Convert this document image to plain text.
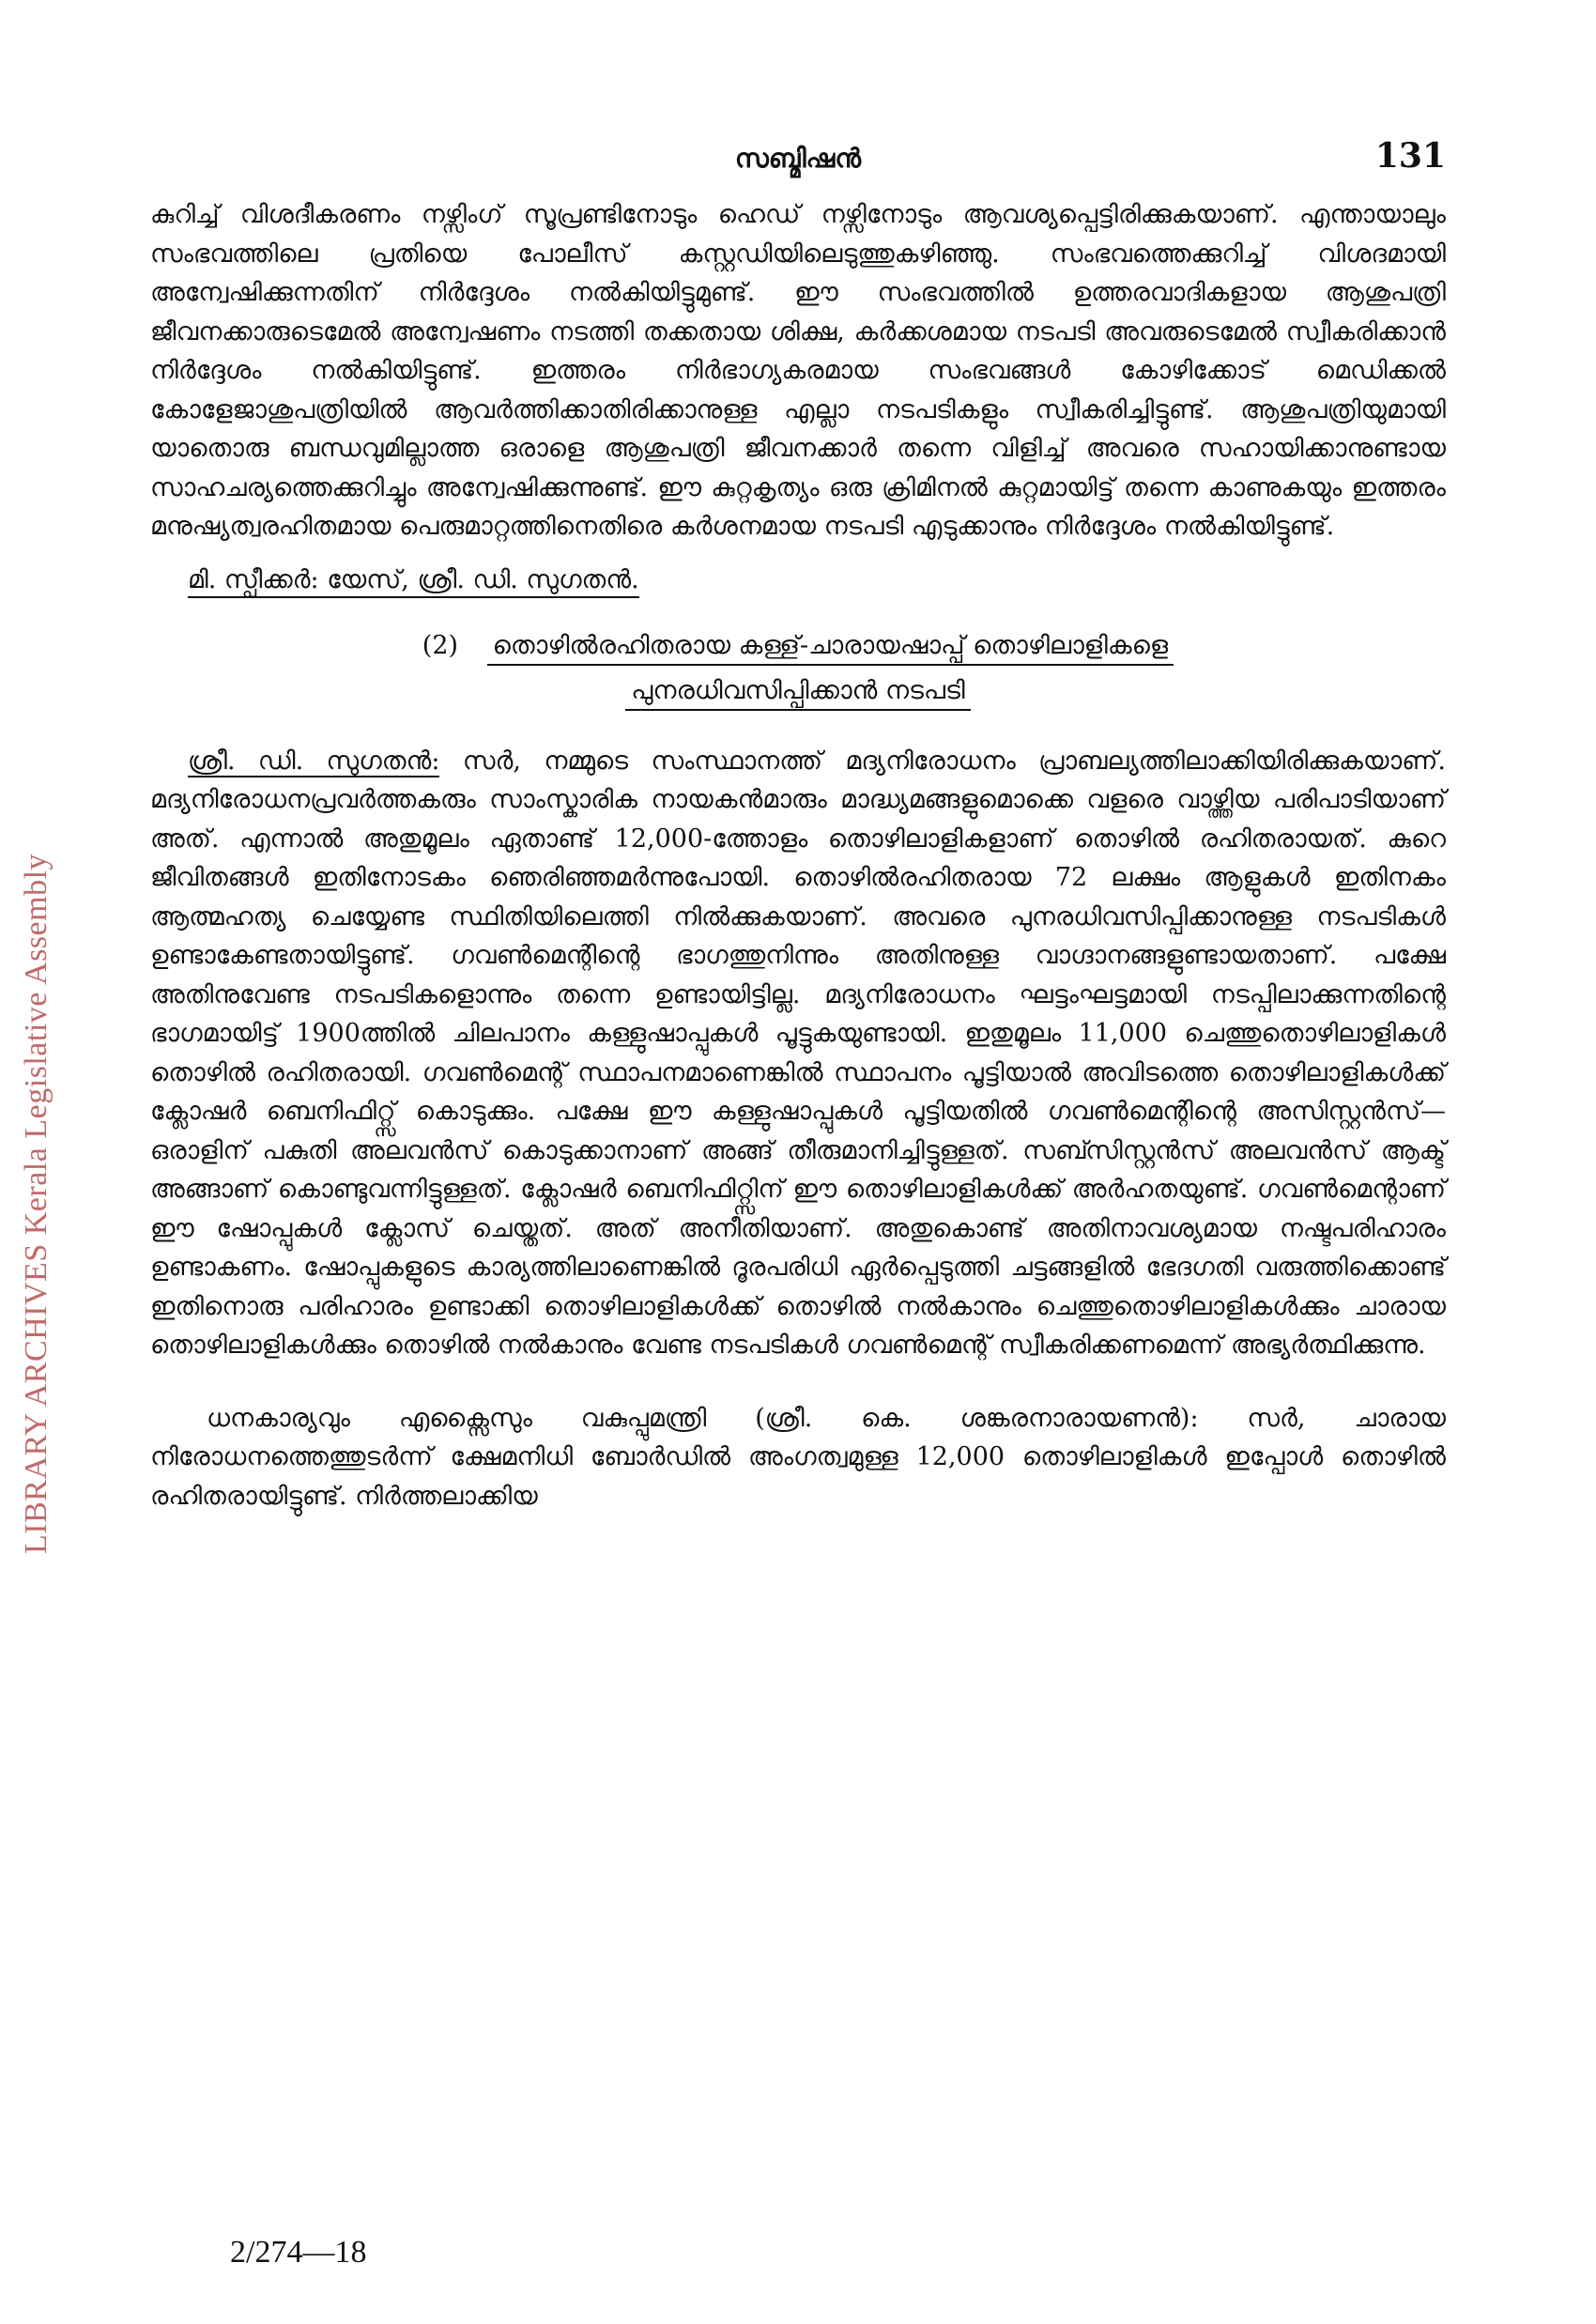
LIBRARY ARCHIVES Kerala Legislative Assembly
സബ്മിഷൻ	131

കുറിച്ച് വിശദീകരണം നഴ്സിംഗ് സൂപ്രണ്ടിനോടും ഹെഡ് നഴ്സിനോടും ആവശ്യപ്പെട്ടിരിക്കുകയാണ്. എന്തായാലും സംഭവത്തിലെ പ്രതിയെ പോലീസ് കസ്റ്റഡിയിലെടുത്തുകഴിഞ്ഞു. സംഭവത്തെക്കുറിച്ച് വിശദമായി അന്വേഷിക്കുന്നതിന് നിർദ്ദേശം നൽകിയിട്ടുമുണ്ട്. ഈ സംഭവത്തിൽ ഉത്തരവാദികളായ ആശുപത്രി ജീവനക്കാരുടെമേൽ അന്വേഷണം നടത്തി തക്കതായ ശിക്ഷ, കർക്കശമായ നടപടി അവരുടെമേൽ സ്വീകരിക്കാൻ നിർദ്ദേശം നൽകിയിട്ടുണ്ട്. ഇത്തരം നിർഭാഗ്യകരമായ സംഭവങ്ങൾ കോഴിക്കോട് മെഡിക്കൽ കോളേജാശുപത്രിയിൽ ആവർത്തിക്കാതിരിക്കാനുള്ള എല്ലാ നടപടികളും സ്വീകരിച്ചിട്ടുണ്ട്. ആശുപത്രിയുമായി യാതൊരു ബന്ധവുമില്ലാത്ത ഒരാളെ ആശുപത്രി ജീവനക്കാർ തന്നെ വിളിച്ച് അവരെ സഹായിക്കാനുണ്ടായ സാഹചര്യത്തെക്കുറിച്ചും അന്വേഷിക്കുന്നുണ്ട്. ഈ കുറ്റകൃത്യം ഒരു ക്രിമിനൽ കുറ്റമായിട്ട് തന്നെ കാണുകയും ഇത്തരം മനുഷ്യത്വരഹിതമായ പെരുമാറ്റത്തിനെതിരെ കർശനമായ നടപടി എടുക്കാനും നിർദ്ദേശം നൽകിയിട്ടുണ്ട്.

മി. സ്പീക്കർ: യേസ്, ശ്രീ. ഡി. സുഗതൻ.
(2) തൊഴിൽരഹിതരായ കള്ള്-ചാരായഷാപ്പ് തൊഴിലാളികളെ
പുനരധിവസിപ്പിക്കാൻ നടപടി

ശ്രീ. ഡി. സുഗതൻ: സർ, നമ്മുടെ സംസ്ഥാനത്ത് മദ്യനിരോധനം പ്രാബല്യത്തിലാക്കിയിരിക്കുകയാണ്. മദ്യനിരോധനപ്രവർത്തകരും സാംസ്കാരിക നായകൻമാരും മാദ്ധ്യമങ്ങളുമൊക്കെ വളരെ വാഴ്ത്തിയ പരിപാടിയാണ് അത്. എന്നാൽ അതുമൂലം ഏതാണ്ട് 12,000-ത്തോളം തൊഴിലാളികളാണ് തൊഴിൽ രഹിതരായത്. കുറെ ജീവിതങ്ങൾ ഇതിനോടകം ഞെരിഞ്ഞമർന്നുപോയി. തൊഴിൽരഹിതരായ 72 ലക്ഷം ആളുകൾ ഇതിനകം ആത്മഹത്യ ചെയ്യേണ്ട സ്ഥിതിയിലെത്തി നിൽക്കുകയാണ്. അവരെ പുനരധിവസിപ്പിക്കാനുള്ള നടപടികൾ ഉണ്ടാകേണ്ടതായിട്ടുണ്ട്. ഗവൺമെന്റിന്റെ ഭാഗത്തുനിന്നും അതിനുള്ള വാഗ്ദാനങ്ങളുണ്ടായതാണ്. പക്ഷേ അതിനുവേണ്ട നടപടികളൊന്നും തന്നെ ഉണ്ടായിട്ടില്ല. മദ്യനിരോധനം ഘട്ടംഘട്ടമായി നടപ്പിലാക്കുന്നതിന്റെ ഭാഗമായിട്ട് 1900ത്തിൽ ചിലപാനം കള്ളുഷാപ്പുകൾ പൂട്ടുകയുണ്ടായി. ഇതുമൂലം 11,000 ചെത്തുതൊഴിലാളികൾ തൊഴിൽ രഹിതരായി. ഗവൺമെന്റ് സ്ഥാപനമാണെങ്കിൽ സ്ഥാപനം പൂട്ടിയാൽ അവിടത്തെ തൊഴിലാളികൾക്ക് ക്ലോഷർ ബെനിഫിറ്റ്സ് കൊടുക്കും. പക്ഷേ ഈ കള്ളുഷാപ്പുകൾ പൂട്ടിയതിൽ ഗവൺമെന്റിന്റെ അസിസ്റ്റൻസ്—ഒരാളിന് പകുതി അലവൻസ് കൊടുക്കാനാണ് അങ്ങ് തീരുമാനിച്ചിട്ടുള്ളത്. സബ്സിസ്റ്റൻസ് അലവൻസ് ആക്ട് അങ്ങാണ് കൊണ്ടുവന്നിട്ടുള്ളത്. ക്ലോഷർ ബെനിഫിറ്റ്സിന് ഈ തൊഴിലാളികൾക്ക് അർഹതയുണ്ട്. ഗവൺമെന്റാണ് ഈ ഷോപ്പുകൾ ക്ലോസ് ചെയ്തത്. അത് അനീതിയാണ്. അതുകൊണ്ട് അതിനാവശ്യമായ നഷ്ടപരിഹാരം ഉണ്ടാകണം. ഷോപ്പുകളുടെ കാര്യത്തിലാണെങ്കിൽ ദൂരപരിധി ഏർപ്പെടുത്തി ചട്ടങ്ങളിൽ ഭേദഗതി വരുത്തിക്കൊണ്ട് ഇതിനൊരു പരിഹാരം ഉണ്ടാക്കി തൊഴിലാളികൾക്ക് തൊഴിൽ നൽകാനും ചെത്തുതൊഴിലാളികൾക്കും ചാരായ തൊഴിലാളികൾക്കും തൊഴിൽ നൽകാനും വേണ്ട നടപടികൾ ഗവൺമെന്റ് സ്വീകരിക്കണമെന്ന് അഭ്യർത്ഥിക്കുന്നു.

ധനകാര്യവും എക്സൈസും വകുപ്പുമന്ത്രി (ശ്രീ. കെ. ശങ്കരനാരായണൻ): സർ, ചാരായ നിരോധനത്തെത്തുടർന്ന് ക്ഷേമനിധി ബോർഡിൽ അംഗത്വമുള്ള 12,000 തൊഴിലാളികൾ ഇപ്പോൾ തൊഴിൽ രഹിതരായിട്ടുണ്ട്. നിർത്തലാക്കിയ

2/274—18
